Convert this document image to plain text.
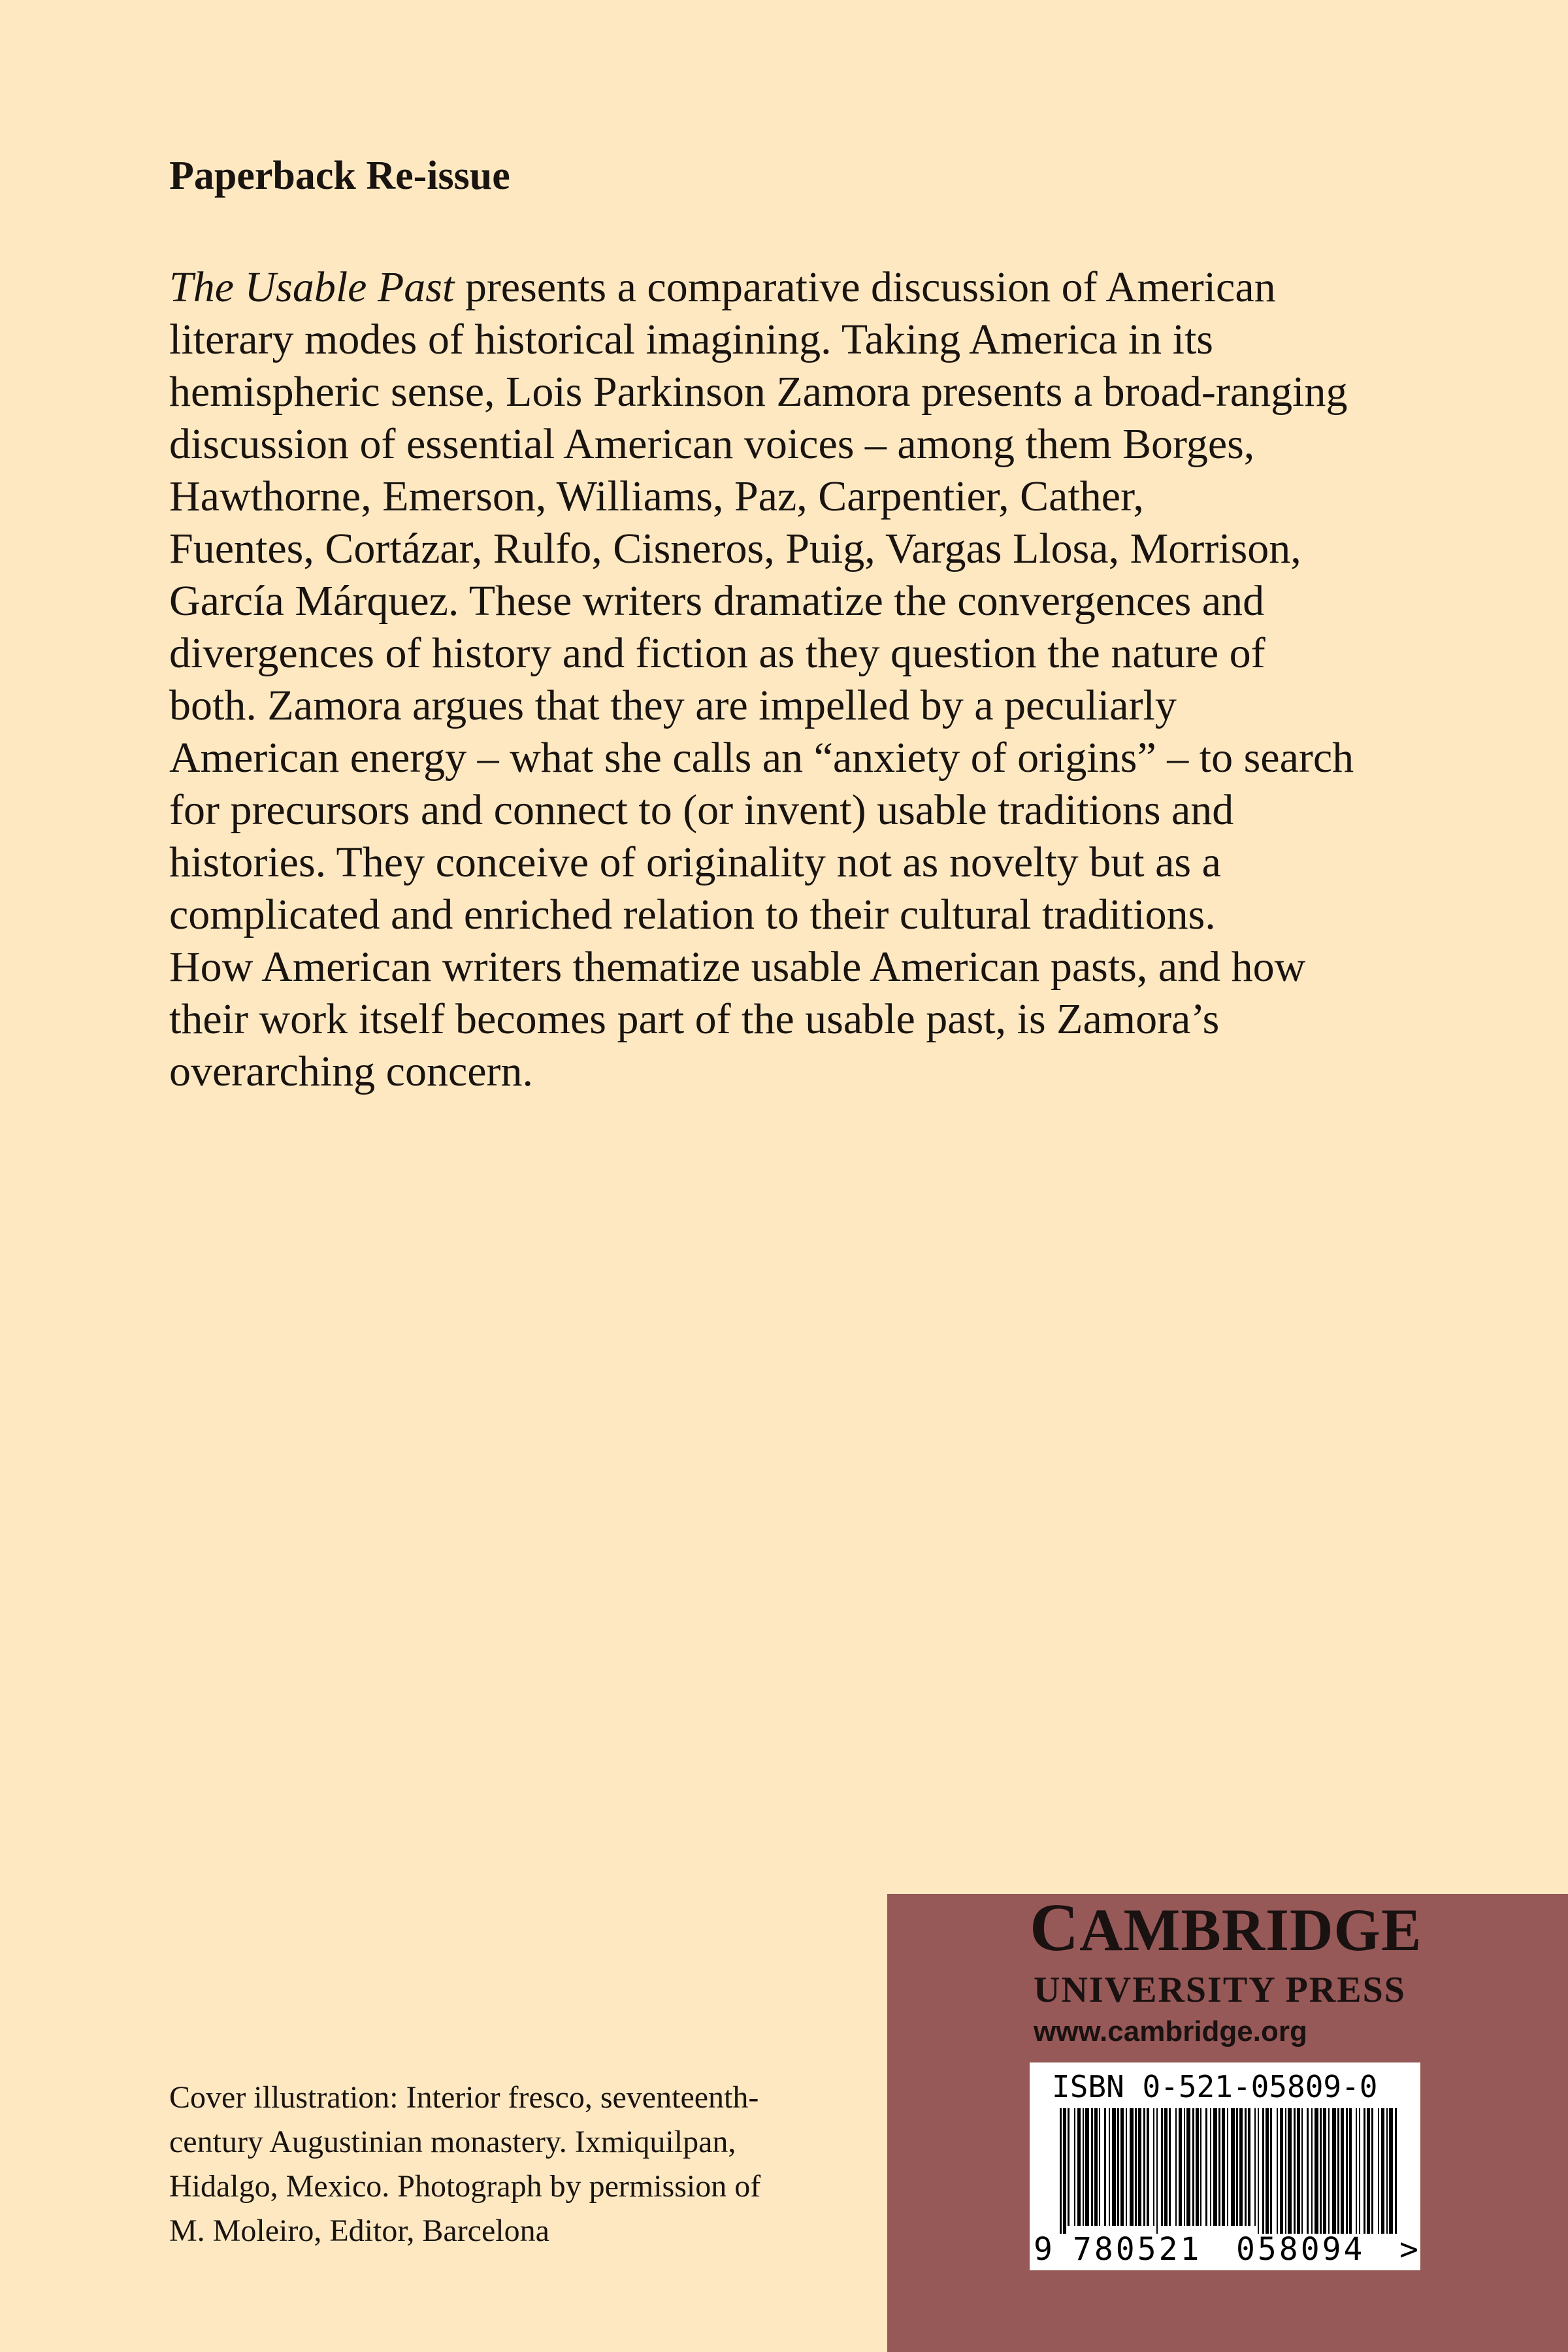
Paperback Re-issue

The Usable Past presents a comparative discussion of American
literary modes of historical imagining. Taking America in its
hemispheric sense, Lois Parkinson Zamora presents a broad-ranging
discussion of essential American voices – among them Borges,
Hawthorne, Emerson, Williams, Paz, Carpentier, Cather,
Fuentes, Cortázar, Rulfo, Cisneros, Puig, Vargas Llosa, Morrison,
García Márquez. These writers dramatize the convergences and
divergences of history and fiction as they question the nature of
both. Zamora argues that they are impelled by a peculiarly
American energy – what she calls an “anxiety of origins” – to search
for precursors and connect to (or invent) usable traditions and
histories. They conceive of originality not as novelty but as a
complicated and enriched relation to their cultural traditions.
How American writers thematize usable American pasts, and how
their work itself becomes part of the usable past, is Zamora’s
overarching concern.
Cover illustration: Interior fresco, seventeenth-
century Augustinian monastery. Ixmiquilpan,
Hidalgo, Mexico. Photograph by permission of
M. Moleiro, Editor, Barcelona
CAMBRIDGE
UNIVERSITY PRESS
www.cambridge.org
ISBN 0-521-05809-0
9 780521 058094 >
